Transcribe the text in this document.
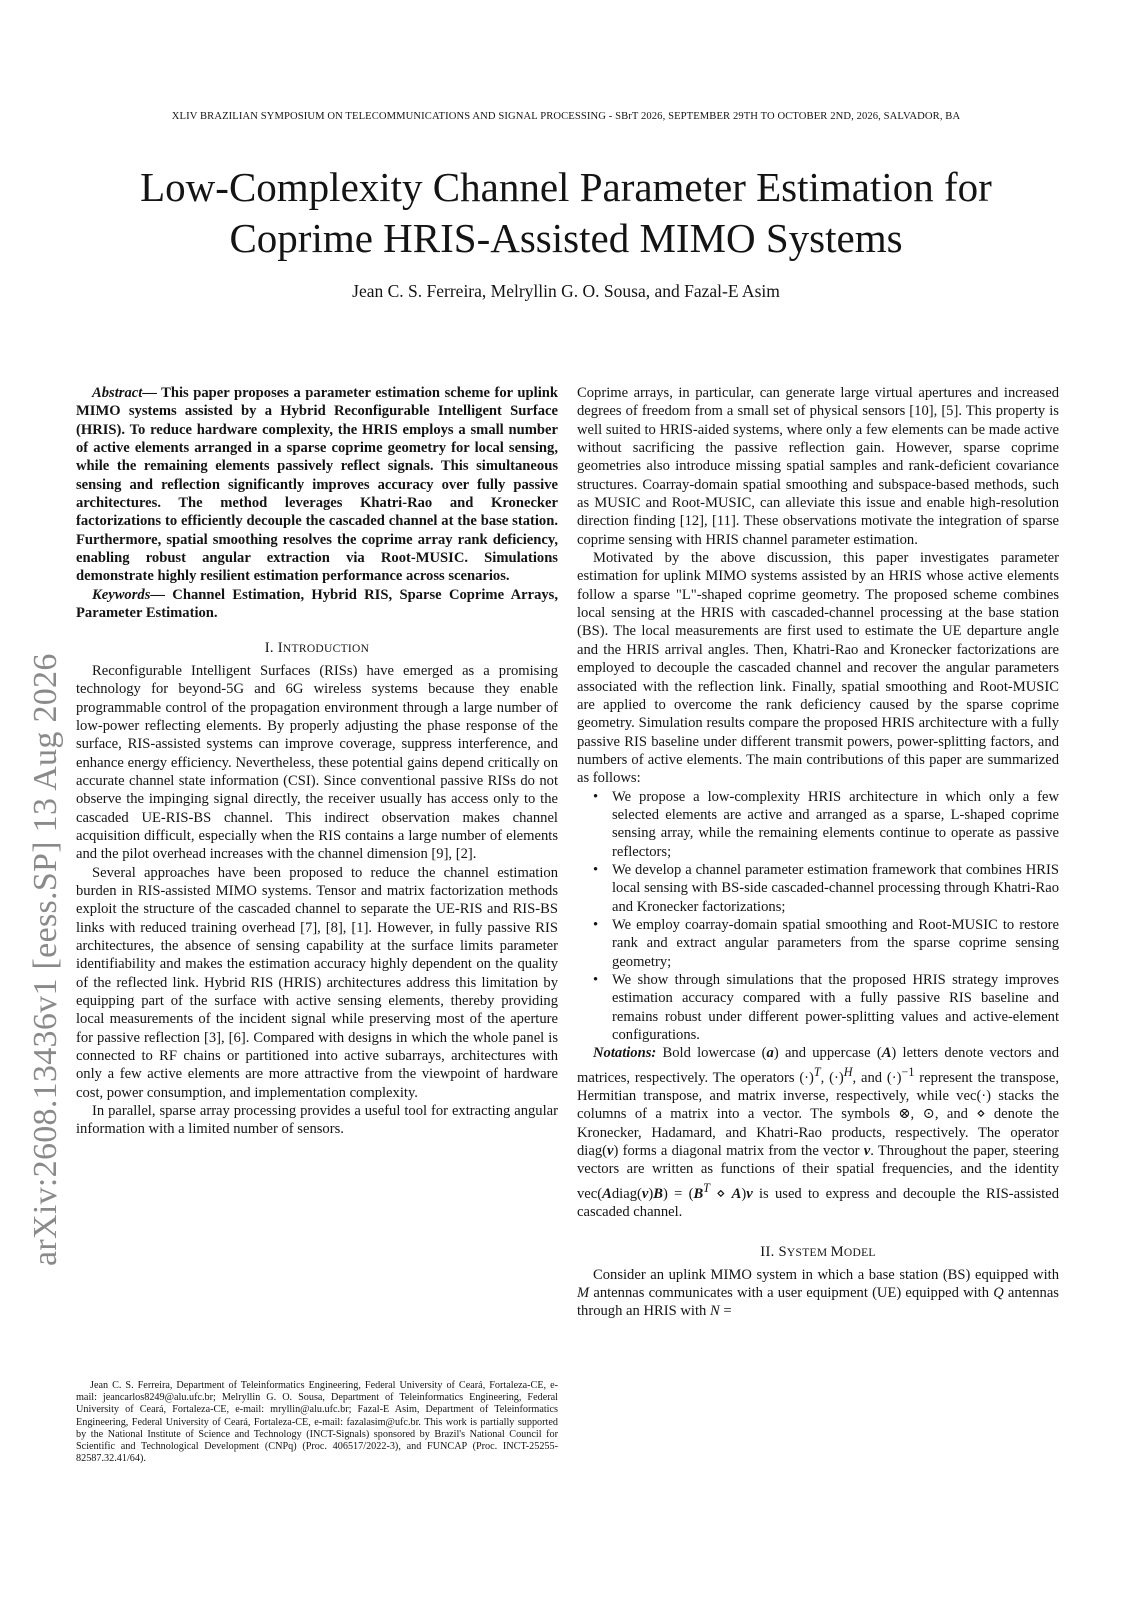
XLIV BRAZILIAN SYMPOSIUM ON TELECOMMUNICATIONS AND SIGNAL PROCESSING - SBrT 2026, SEPTEMBER 29TH TO OCTOBER 2ND, 2026, SALVADOR, BA
Low-Complexity Channel Parameter Estimation for
Coprime HRIS-Assisted MIMO Systems
Jean C. S. Ferreira, Melryllin G. O. Sousa, and Fazal-E Asim
arXiv:2608.13436v1 [eess.SP] 13 Aug 2026

Abstract— This paper proposes a parameter estimation scheme for uplink MIMO systems assisted by a Hybrid Reconfigurable Intelligent Surface (HRIS). To reduce hardware complexity, the HRIS employs a small number of active elements arranged in a sparse coprime geometry for local sensing, while the remaining elements passively reflect signals. This simultaneous sensing and reflection significantly improves accuracy over fully passive architectures. The method leverages Khatri-Rao and Kronecker factorizations to efficiently decouple the cascaded channel at the base station. Furthermore, spatial smoothing resolves the coprime array rank deficiency, enabling robust angular extraction via Root-MUSIC. Simulations demonstrate highly resilient estimation performance across scenarios.

Keywords— Channel Estimation, Hybrid RIS, Sparse Coprime Arrays, Parameter Estimation.

I. INTRODUCTION

Reconfigurable Intelligent Surfaces (RISs) have emerged as a promising technology for beyond-5G and 6G wireless systems because they enable programmable control of the propagation environment through a large number of low-power reflecting elements. By properly adjusting the phase response of the surface, RIS-assisted systems can improve coverage, suppress interference, and enhance energy efficiency. Nevertheless, these potential gains depend critically on accurate channel state information (CSI). Since conventional passive RISs do not observe the impinging signal directly, the receiver usually has access only to the cascaded UE-RIS-BS channel. This indirect observation makes channel acquisition difficult, especially when the RIS contains a large number of elements and the pilot overhead increases with the channel dimension [9], [2].

Several approaches have been proposed to reduce the channel estimation burden in RIS-assisted MIMO systems. Tensor and matrix factorization methods exploit the structure of the cascaded channel to separate the UE-RIS and RIS-BS links with reduced training overhead [7], [8], [1]. However, in fully passive RIS architectures, the absence of sensing capability at the surface limits parameter identifiability and makes the estimation accuracy highly dependent on the quality of the reflected link. Hybrid RIS (HRIS) architectures address this limitation by equipping part of the surface with active sensing elements, thereby providing local measurements of the incident signal while preserving most of the aperture for passive reflection [3], [6]. Compared with designs in which the whole panel is connected to RF chains or partitioned into active subarrays, architectures with only a few active elements are more attractive from the viewpoint of hardware cost, power consumption, and implementation complexity.

In parallel, sparse array processing provides a useful tool for extracting angular information with a limited number of sensors.

Jean C. S. Ferreira, Department of Teleinformatics Engineering, Federal University of Ceará, Fortaleza-CE, e-mail: jeancarlos8249@alu.ufc.br; Melryllin G. O. Sousa, Department of Teleinformatics Engineering, Federal University of Ceará, Fortaleza-CE, e-mail: mryllin@alu.ufc.br; Fazal-E Asim, Department of Teleinformatics Engineering, Federal University of Ceará, Fortaleza-CE, e-mail: fazalasim@ufc.br. This work is partially supported by the National Institute of Science and Technology (INCT-Signals) sponsored by Brazil's National Council for Scientific and Technological Development (CNPq) (Proc. 406517/2022-3), and FUNCAP (Proc. INCT-25255-82587.32.41/64).

Coprime arrays, in particular, can generate large virtual apertures and increased degrees of freedom from a small set of physical sensors [10], [5]. This property is well suited to HRIS-aided systems, where only a few elements can be made active without sacrificing the passive reflection gain. However, sparse coprime geometries also introduce missing spatial samples and rank-deficient covariance structures. Coarray-domain spatial smoothing and subspace-based methods, such as MUSIC and Root-MUSIC, can alleviate this issue and enable high-resolution direction finding [12], [11]. These observations motivate the integration of sparse coprime sensing with HRIS channel parameter estimation.

Motivated by the above discussion, this paper investigates parameter estimation for uplink MIMO systems assisted by an HRIS whose active elements follow a sparse "L"-shaped coprime geometry. The proposed scheme combines local sensing at the HRIS with cascaded-channel processing at the base station (BS). The local measurements are first used to estimate the UE departure angle and the HRIS arrival angles. Then, Khatri-Rao and Kronecker factorizations are employed to decouple the cascaded channel and recover the angular parameters associated with the reflection link. Finally, spatial smoothing and Root-MUSIC are applied to overcome the rank deficiency caused by the sparse coprime geometry. Simulation results compare the proposed HRIS architecture with a fully passive RIS baseline under different transmit powers, power-splitting factors, and numbers of active elements. The main contributions of this paper are summarized as follows:

• We propose a low-complexity HRIS architecture in which only a few selected elements are active and arranged as a sparse, L-shaped coprime sensing array, while the remaining elements continue to operate as passive reflectors;
• We develop a channel parameter estimation framework that combines HRIS local sensing with BS-side cascaded-channel processing through Khatri-Rao and Kronecker factorizations;
• We employ coarray-domain spatial smoothing and Root-MUSIC to restore rank and extract angular parameters from the sparse coprime sensing geometry;
• We show through simulations that the proposed HRIS strategy improves estimation accuracy compared with a fully passive RIS baseline and remains robust under different power-splitting values and active-element configurations.

Notations: Bold lowercase (a) and uppercase (A) letters denote vectors and matrices, respectively. The operators $(\cdot)^T$, $(\cdot)^H$, and $(\cdot)^{-1}$ represent the transpose, Hermitian transpose, and matrix inverse, respectively, while vec(·) stacks the columns of a matrix into a vector. The symbols ⊗, ⊙, and ⋄ denote the Kronecker, Hadamard, and Khatri-Rao products, respectively. The operator diag(v) forms a diagonal matrix from the vector v. Throughout the paper, steering vectors are written as functions of their spatial frequencies, and the identity vec(Adiag(v)B) = ($B^T$ ⋄ A)v is used to express and decouple the RIS-assisted cascaded channel.

II. SYSTEM MODEL

Consider an uplink MIMO system in which a base station (BS) equipped with M antennas communicates with a user equipment (UE) equipped with Q antennas through an HRIS with N =
